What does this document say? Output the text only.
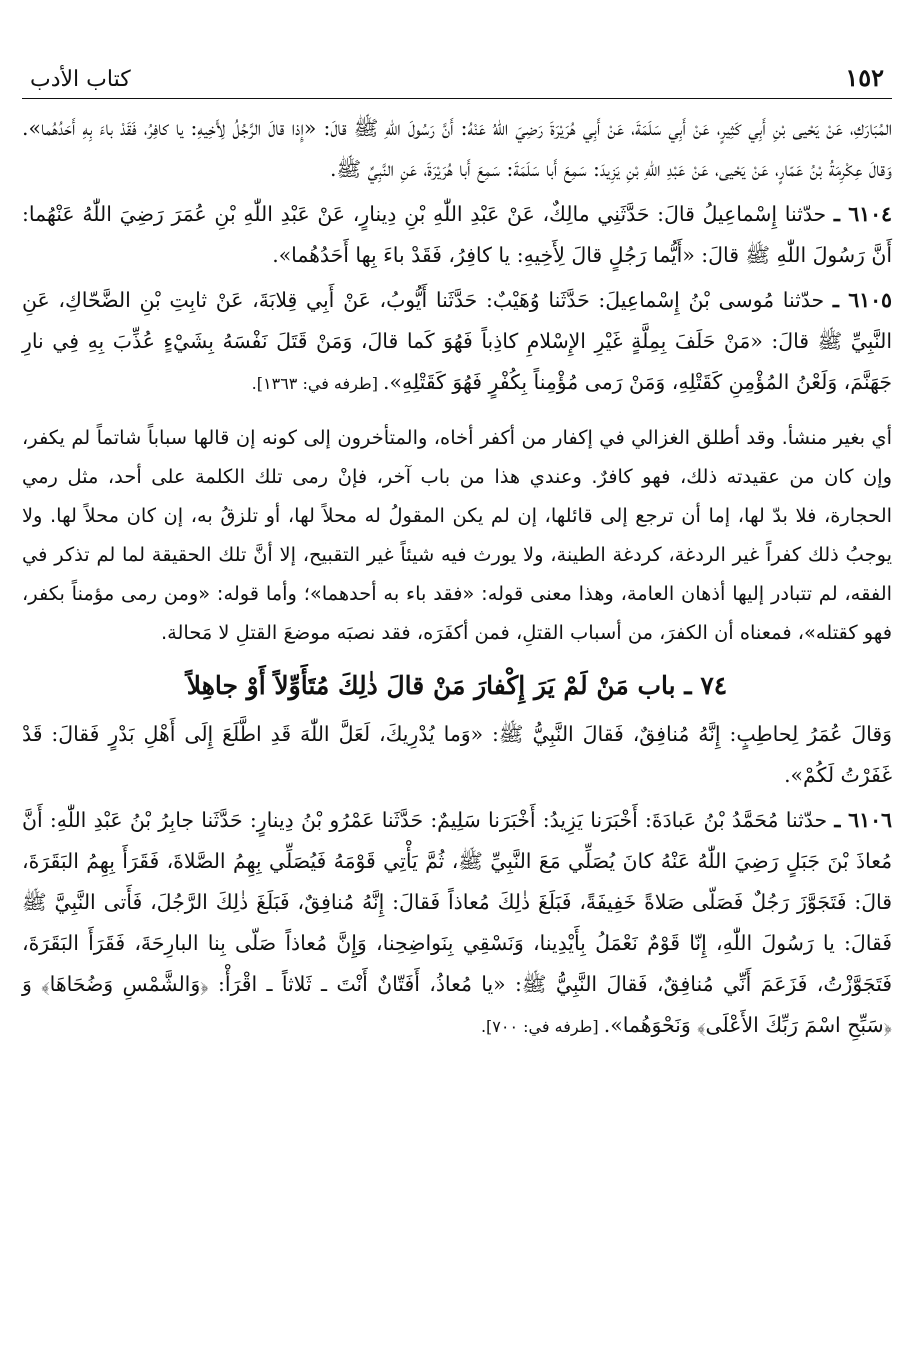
١٥٢
كتاب الأدب

المُبَارَكِ، عَنْ يَحْيى بْنِ أَبِي كَثِيرٍ، عَنْ أَبِي سَلَمَةَ، عَنْ أَبِي هُرَيْرَةَ رَضِيَ اللّٰهُ عَنْهُ: أَنَّ رَسُولَ اللّٰهِ ﷺ قالَ: «إِذا قالَ الرَّجُلُ لِأَخِيهِ: يا كافِرُ، فَقَدْ باءَ بِهِ أَحَدُهُما». وَقالَ عِكْرِمَةُ بْنُ عَمّارٍ، عَنْ يَحْيى، عَنْ عَبْدِ اللّٰهِ بْنِ يَزِيدَ: سَمِعَ أَبا سَلَمَةَ: سَمِعَ أَبا هُرَيْرَةَ، عَنِ النَّبِيِّ ﷺ.

٦١٠٤ ـ حدّثنا إِسْماعِيلُ قالَ: حَدَّثَنِي مالِكٌ، عَنْ عَبْدِ اللّٰهِ بْنِ دِينارٍ، عَنْ عَبْدِ اللّٰهِ بْنِ عُمَرَ رَضِيَ اللّٰهُ عَنْهُما: أَنَّ رَسُولَ اللّٰهِ ﷺ قالَ: «أَيُّما رَجُلٍ قالَ لِأَخِيهِ: يا كافِرُ، فَقَدْ باءَ بِها أَحَدُهُما».

٦١٠٥ ـ حدّثنا مُوسى بْنُ إِسْماعِيلَ: حَدَّثَنا وُهَيْبٌ: حَدَّثَنا أَيُّوبُ، عَنْ أَبِي قِلابَةَ، عَنْ ثابِتِ بْنِ الضَّحّاكِ، عَنِ النَّبِيِّ ﷺ قالَ: «مَنْ حَلَفَ بِمِلَّةٍ غَيْرِ الإِسْلامِ كاذِباً فَهُوَ كَما قالَ، وَمَنْ قَتَلَ نَفْسَهُ بِشَيْءٍ عُذِّبَ بِهِ فِي نارِ جَهَنَّمَ، وَلَعْنُ المُؤْمِنِ كَقَتْلِهِ، وَمَنْ رَمى مُؤْمِناً بِكُفْرٍ فَهُوَ كَقَتْلِهِ». [طرفه في: ١٣٦٣].

أي بغير منشأ. وقد أطلق الغزالي في إكفار من أكفر أخاه، والمتأخرون إلى كونه إن قالها سباباً شاتماً لم يكفر، وإن كان من عقيدته ذلك، فهو كافرٌ. وعندي هذا من باب آخر، فإنْ رمى تلك الكلمة على أحد، مثل رمي الحجارة، فلا بدّ لها، إما أن ترجع إلى قائلها، إن لم يكن المقولُ له محلاً لها، أو تلزقُ به، إن كان محلاً لها. ولا يوجبُ ذلك كفراً غير الردغة، كردغة الطينة، ولا يورث فيه شيئاً غير التقبيح، إلا أنَّ تلك الحقيقة لما لم تذكر في الفقه، لم تتبادر إليها أذهان العامة، وهذا معنى قوله: «فقد باء به أحدهما»؛ وأما قوله: «ومن رمى مؤمناً بكفر، فهو كقتله»، فمعناه أن الكفرَ، من أسباب القتلِ، فمن أكفَرَه، فقد نصبَه موضعَ القتلِ لا مَحالة.

٧٤ ـ باب مَنْ لَمْ يَرَ إِكْفارَ مَنْ قالَ ذٰلِكَ مُتَأَوِّلاً أَوْ جاهِلاً

وَقالَ عُمَرُ لِحاطِبٍ: إِنَّهُ مُنافِقٌ، فَقالَ النَّبِيُّ ﷺ: «وَما يُدْرِيكَ، لَعَلَّ اللّٰهَ قَدِ اطَّلَعَ إِلَى أَهْلِ بَدْرٍ فَقالَ: قَدْ غَفَرْتُ لَكُمْ».

٦١٠٦ ـ حدّثنا مُحَمَّدُ بْنُ عَبادَةَ: أَخْبَرَنا يَزِيدُ: أَخْبَرَنا سَلِيمٌ: حَدَّثَنا عَمْرُو بْنُ دِينارٍ: حَدَّثَنا جابِرُ بْنُ عَبْدِ اللّٰهِ: أَنَّ مُعاذَ بْنَ جَبَلٍ رَضِيَ اللّٰهُ عَنْهُ كانَ يُصَلِّي مَعَ النَّبِيِّ ﷺ، ثُمَّ يَأْتِي قَوْمَهُ فَيُصَلِّي بِهِمُ الصَّلاةَ، فَقَرَأَ بِهِمُ البَقَرَةَ، قالَ: فَتَجَوَّزَ رَجُلٌ فَصَلّى صَلاةً خَفِيفَةً، فَبَلَغَ ذٰلِكَ مُعاذاً فَقالَ: إِنَّهُ مُنافِقٌ، فَبَلَغَ ذٰلِكَ الرَّجُلَ، فَأَتى النَّبِيَّ ﷺ فَقالَ: يا رَسُولَ اللّٰهِ، إِنّا قَوْمٌ نَعْمَلُ بِأَيْدِينا، وَنَسْقِي بِنَواضِحِنا، وَإِنَّ مُعاذاً صَلّى بِنا البارِحَةَ، فَقَرَأَ البَقَرَةَ، فَتَجَوَّزْتُ، فَزَعَمَ أَنِّي مُنافِقٌ، فَقالَ النَّبِيُّ ﷺ: «يا مُعاذُ، أَفَتّانٌ أَنْتَ ـ ثَلاثاً ـ اقْرَأْ: ﴿وَالشَّمْسِ وَضُحَاهَا﴾ وَ ﴿سَبِّحِ اسْمَ رَبِّكَ الأَعْلَى﴾ وَنَحْوَهُما». [طرفه في: ٧٠٠].
